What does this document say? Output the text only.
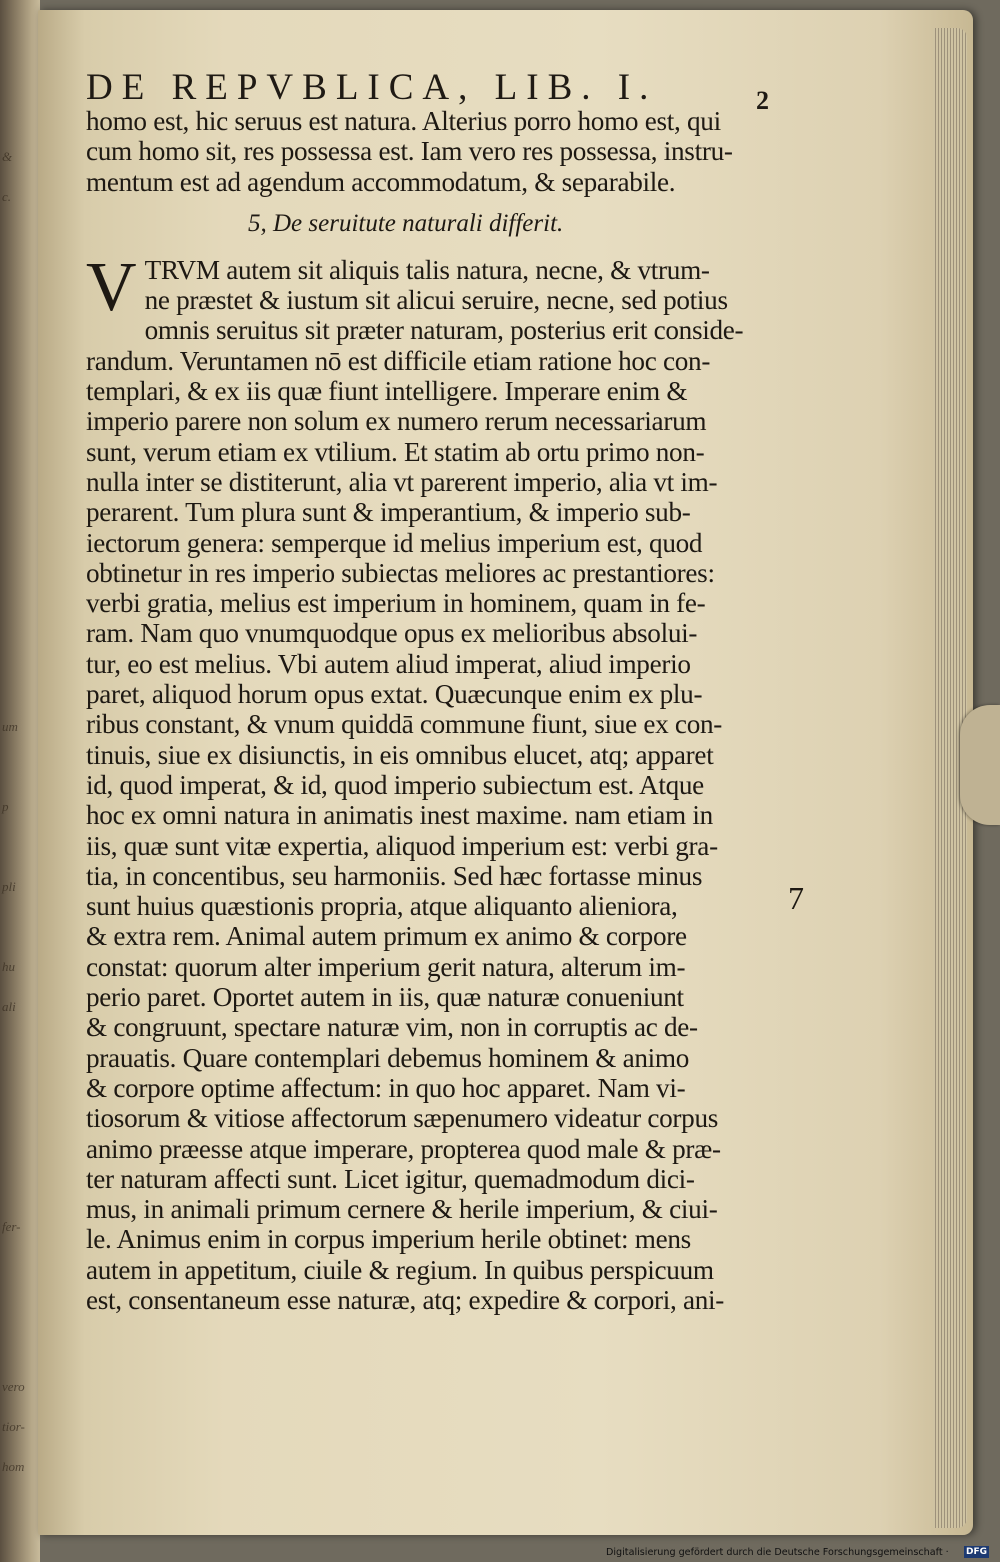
&
c.
um
p
pli
hu
ali
fer-
vero
tior-
hom
DE REPVBLICA, LIB. I.	2
homo est, hic seruus est natura. Alterius porro homo est, qui
cum homo sit, res possessa est. Iam vero res possessa, instru-
mentum est ad agendum accommodatum, & separabile.
5, De seruitute naturali differit.
V TRVM autem sit aliquis talis natura, necne, & vtrum-
ne præstet & iustum sit alicui seruire, necne, sed potius
omnis seruitus sit præter naturam, posterius erit conside-
randum. Veruntamen nō est difficile etiam ratione hoc con-
templari, & ex iis quæ fiunt intelligere. Imperare enim &
imperio parere non solum ex numero rerum necessariarum
sunt, verum etiam ex vtilium. Et statim ab ortu primo non-
nulla inter se distiterunt, alia vt parerent imperio, alia vt im-
perarent. Tum plura sunt & imperantium, & imperio sub-
iectorum genera: semperque id melius imperium est, quod
obtinetur in res imperio subiectas meliores ac prestantiores:
verbi gratia, melius est imperium in hominem, quam in fe-
ram. Nam quo vnumquodque opus ex melioribus absolui-
tur, eo est melius. Vbi autem aliud imperat, aliud imperio
paret, aliquod horum opus extat. Quæcunque enim ex plu-
ribus constant, & vnum quiddā commune fiunt, siue ex con-
tinuis, siue ex disiunctis, in eis omnibus elucet, atq; apparet
id, quod imperat, & id, quod imperio subiectum est. Atque
hoc ex omni natura in animatis inest maxime. nam etiam in
iis, quæ sunt vitæ expertia, aliquod imperium est: verbi gra-
tia, in concentibus, seu harmoniis. Sed hæc fortasse minus
sunt huius quæstionis propria, atque aliquanto alieniora,
& extra rem. Animal autem primum ex animo & corpore
constat: quorum alter imperium gerit natura, alterum im-
perio paret. Oportet autem in iis, quæ naturæ conueniunt
& congruunt, spectare naturæ vim, non in corruptis ac de-
prauatis. Quare contemplari debemus hominem & animo
& corpore optime affectum: in quo hoc apparet. Nam vi-
tiosorum & vitiose affectorum sæpenumero videatur corpus
animo præesse atque imperare, propterea quod male & præ-
ter naturam affecti sunt. Licet igitur, quemadmodum dici-
mus, in animali primum cernere & herile imperium, & ciui-
le. Animus enim in corpus imperium herile obtinet: mens
autem in appetitum, ciuile & regium. In quibus perspicuum
est, consentaneum esse naturæ, atq; expedire & corpori, ani-
7
Digitalisierung gefördert durch die Deutsche Forschungsgemeinschaft · DFG
